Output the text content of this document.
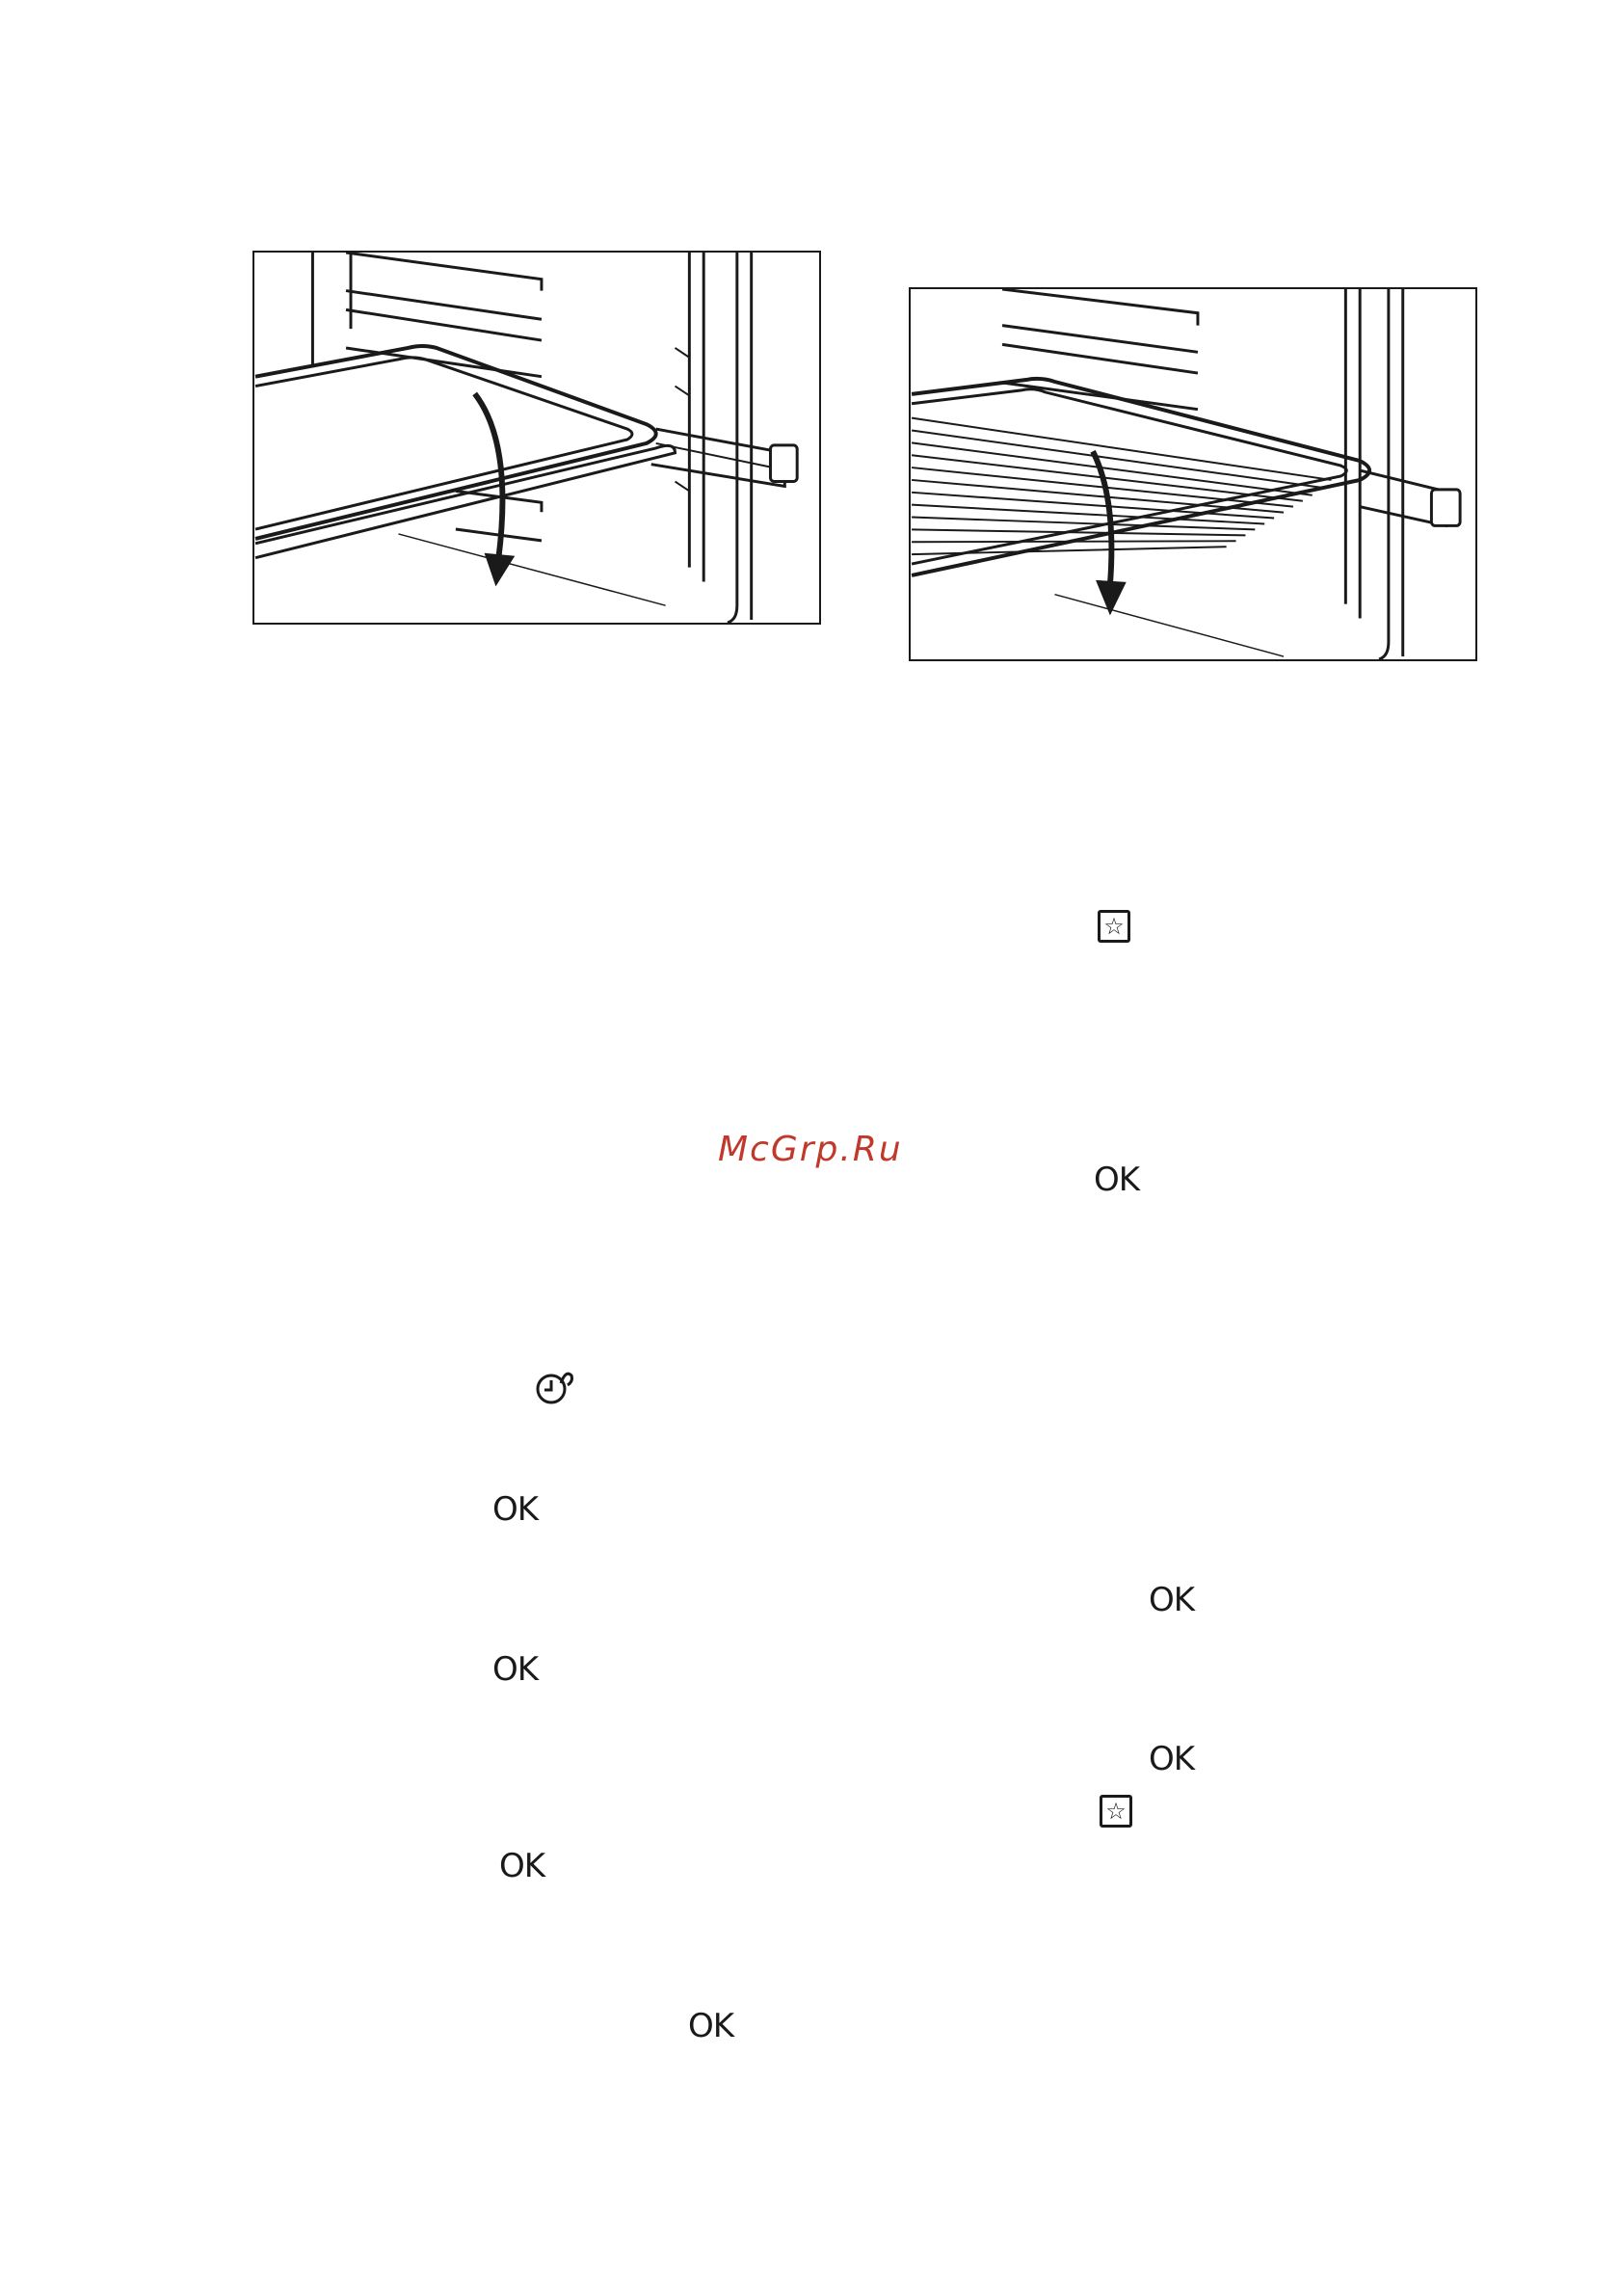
McGrp.Ru
☆
☆
OK
OK
OK
OK
OK
OK
OK
